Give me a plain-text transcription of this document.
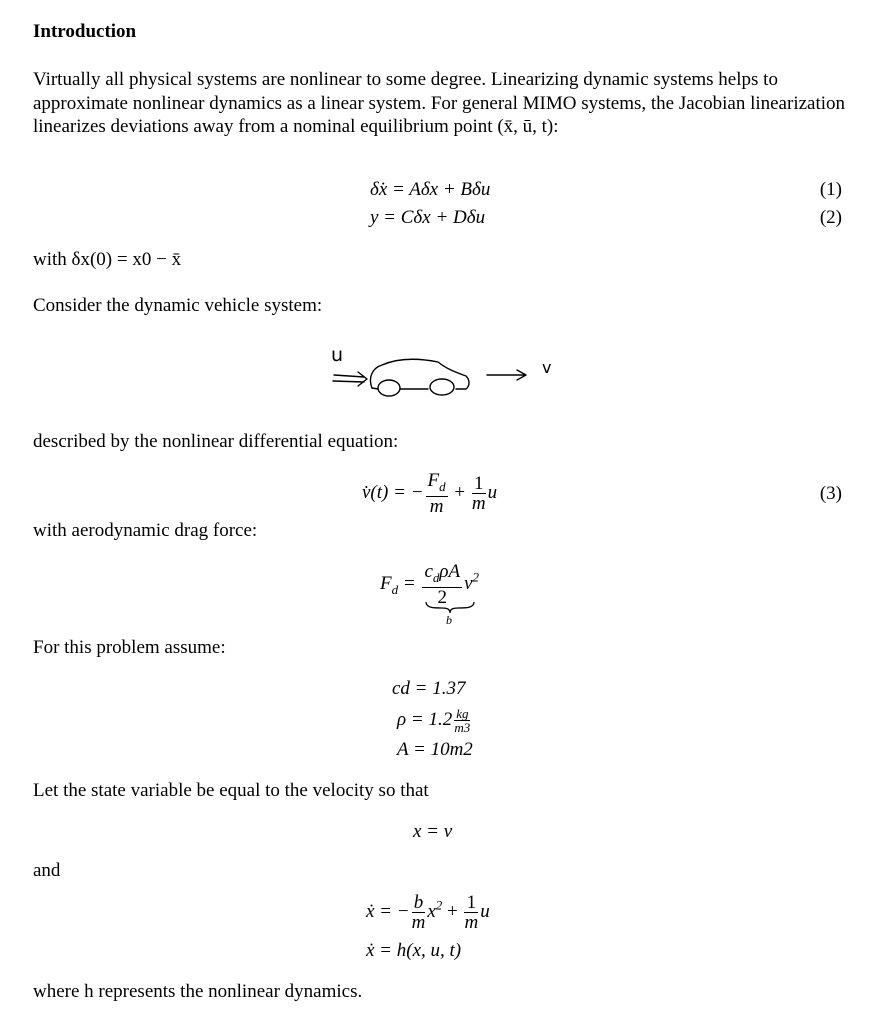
Introduction
Virtually all physical systems are nonlinear to some degree. Linearizing dynamic systems helps to approximate nonlinear dynamics as a linear system. For general MIMO systems, the Jacobian linearization linearizes deviations away from a nominal equilibrium point (x̄, ū, t):
δ̇x = Aδx + Bδu	(1)
y = Cδx + Dδu	(2)
with δx(0) = x0 − x̄
Consider the dynamic vehicle system:
u
v
described by the nonlinear differential equation:
v̇(t) = − $\frac{F_d}{m} + \frac{1}{m}$ u	(3)
with aerodynamic drag force:
$F_d = \frac{c_d\rho A}{2} v^2$
b
For this problem assume:
cd = 1.37
$\rho = 1.2 \frac{kg}{m3}$
A = 10m2
Let the state variable be equal to the velocity so that
x = v
and
ẋ = − $\frac{b}{m} x^2 + \frac{1}{m}$ u
ẋ = h(x, u, t)
where h represents the nonlinear dynamics.
